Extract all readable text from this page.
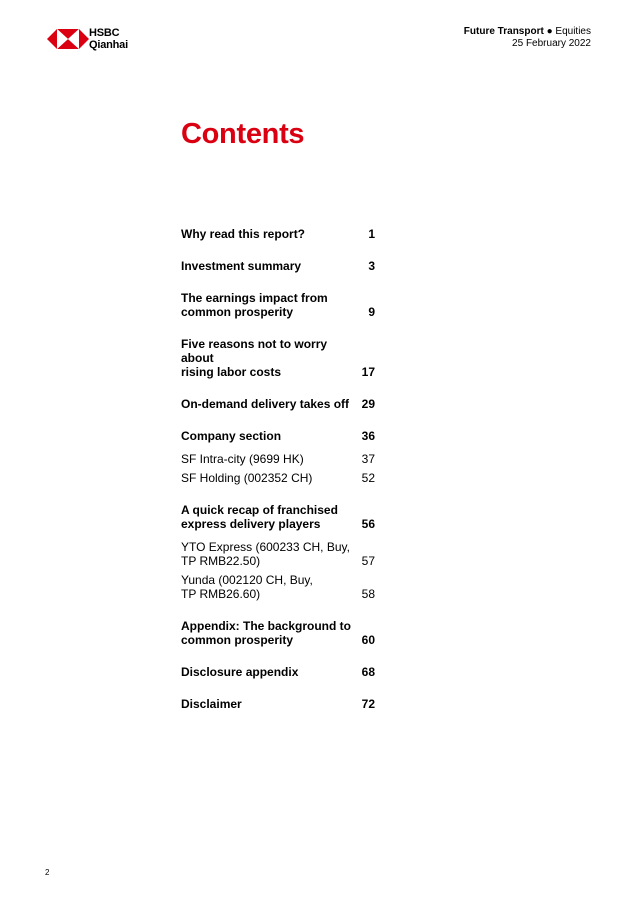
HSBC
Qianhai
Future Transport ● Equities
25 February 2022
Contents
Why read this report?	1
Investment summary	3
The earnings impact from
common prosperity	9
Five reasons not to worry about
rising labor costs	17
On-demand delivery takes off	29
Company section	36
SF Intra-city (9699 HK)	37
SF Holding (002352 CH)	52
A quick recap of franchised
express delivery players	56
YTO Express (600233 CH, Buy,
TP RMB22.50)	57
Yunda (002120 CH, Buy,
TP RMB26.60)	58
Appendix: The background to
common prosperity	60
Disclosure appendix	68
Disclaimer	72
2
